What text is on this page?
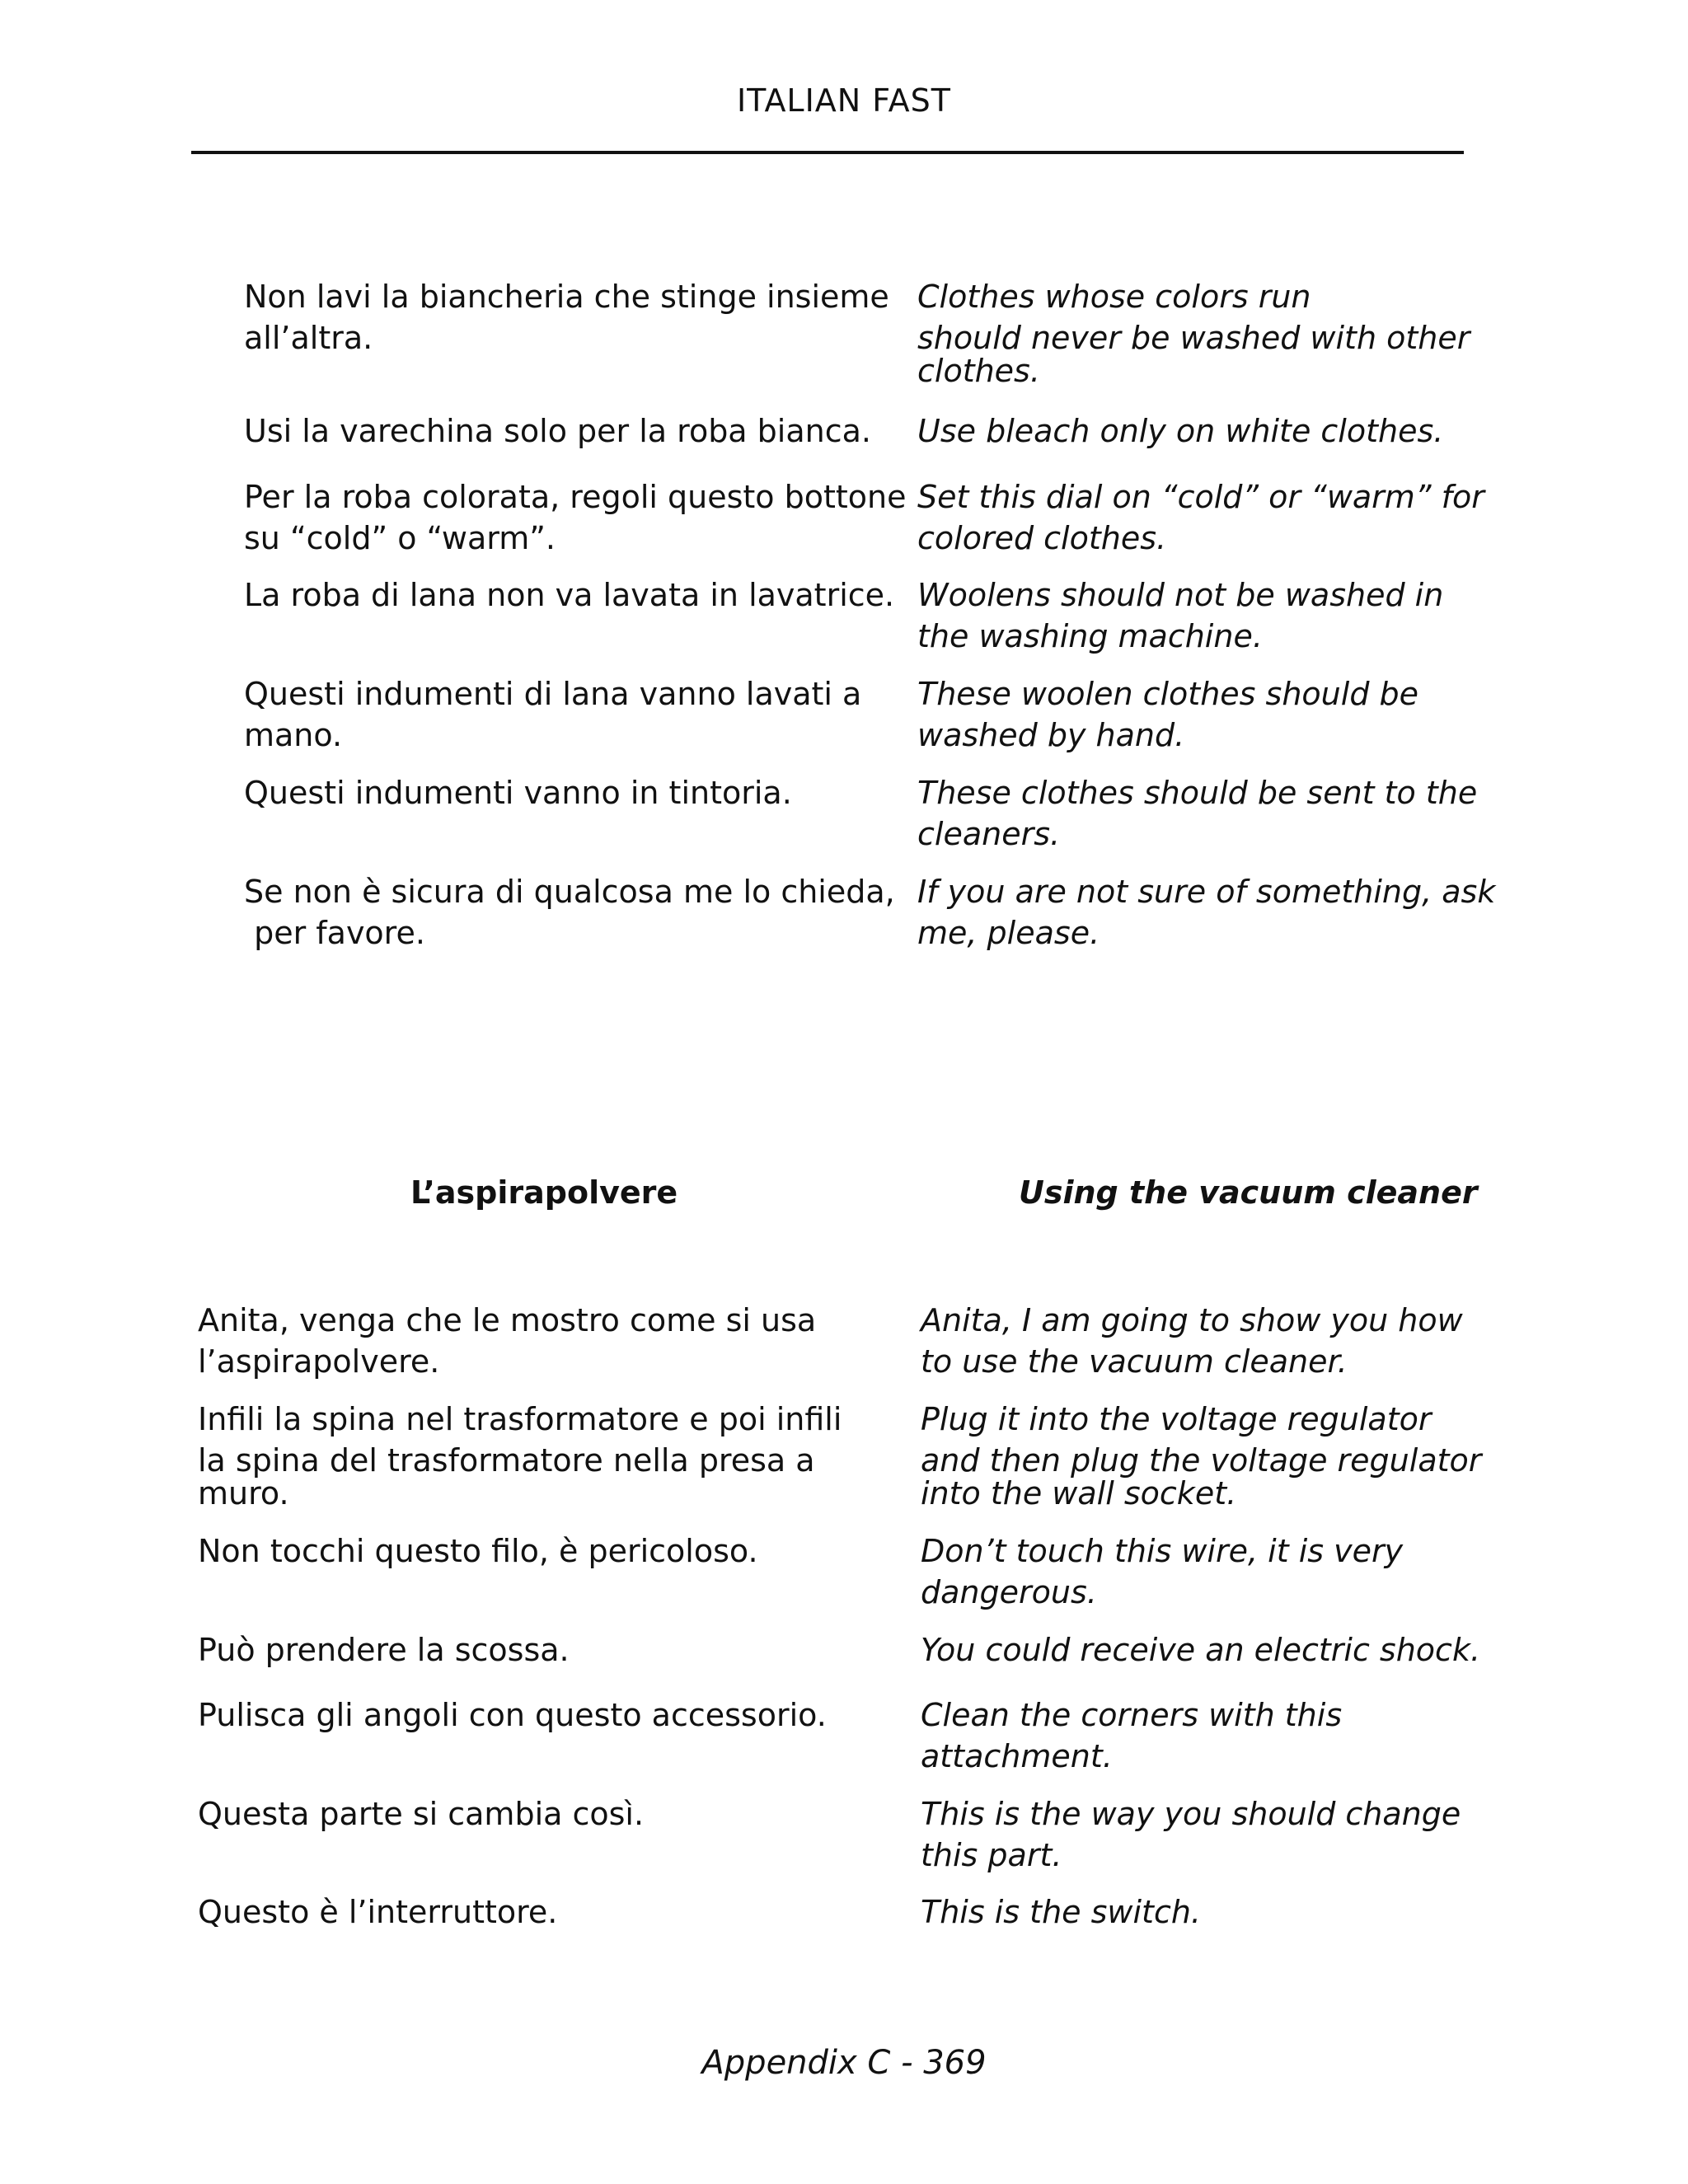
ITALIAN FAST
Non lavi la biancheria che stinge insieme
all’altra.
Usi la varechina solo per la roba bianca.
Per la roba colorata, regoli questo bottone
su “cold” o “warm”.
La roba di lana non va lavata in lavatrice.
Questi indumenti di lana vanno lavati a
mano.
Questi indumenti vanno in tintoria.
Se non è sicura di qualcosa me lo chieda,
per favore.
Clothes whose colors run
should never be washed with other
clothes.
Use bleach only on white clothes.
Set this dial on “cold” or “warm” for
colored clothes.
Woolens should not be washed in
the washing machine.
These woolen clothes should be
washed by hand.
These clothes should be sent to the
cleaners.
If you are not sure of something, ask
me, please.
L’aspirapolvere	Using the vacuum cleaner
Anita, venga che le mostro come si usa
l’aspirapolvere.
Infili la spina nel trasformatore e poi infili
la spina del trasformatore nella presa a
muro.
Non tocchi questo filo, è pericoloso.
Può prendere la scossa.
Pulisca gli angoli con questo accessorio.
Questa parte si cambia così.
Questo è l’interruttore.
Anita, I am going to show you how
to use the vacuum cleaner.
Plug it into the voltage regulator
and then plug the voltage regulator
into the wall socket.
Don’t touch this wire, it is very
dangerous.
You could receive an electric shock.
Clean the corners with this
attachment.
This is the way you should change
this part.
This is the switch.
Appendix C - 369
